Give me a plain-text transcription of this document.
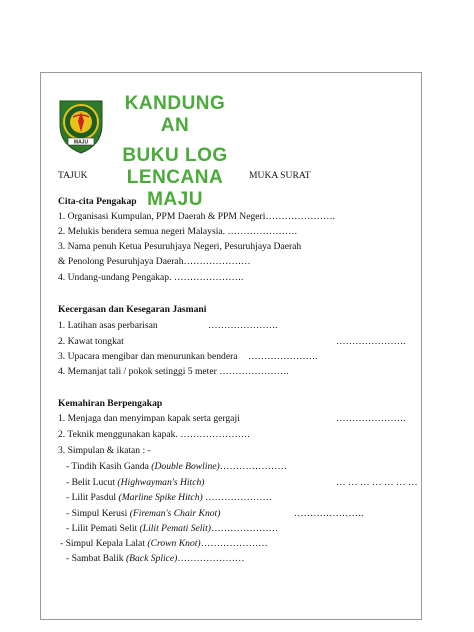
MAJU
KANDUNG
AN
BUKU LOG
LENCANA
MAJU
TAJUK	MUKA SURAT
Cita-cita Pengakap
1. Organisasi Kumpulan, PPM Daerah & PPM Negeri………………….
2. Melukis bendera semua negeri Malaysia. ………………….
3. Nama penuh Ketua Pesuruhjaya Negeri, Pesuruhjaya Daerah
& Penolong Pesuruhjaya Daerah…………………
4. Undang-undang Pengakap. ………………….
Kecergasan dan Kesegaran Jasmani
1. Latihan asas perbarisan	………………….
2. Kawat tongkat	………………….
3. Upacara mengibar dan menurunkan bendera ………………….
4. Memanjat tali / pokok setinggi 5 meter ………………….
Kemahiran Berpengakap
1. Menjaga dan menyimpan kapak serta gergaji	………………….
2. Teknik menggunakan kapak. ………………….
3. Simpulan & ikatan : -
- Tindih Kasih Ganda (Double Bowline)…………………
- Belit Lucut (Highwayman's Hitch)	… … … … … … …
- Lilit Pasdul (Marline Spike Hitch) …………………
- Simpul Kerusi (Fireman's Chair Knot)	………………….
- Lilit Pemati Selit (Lilit Pemati Selit)…………………
- Simpul Kepala Lalat (Crown Knot)…………………
- Sambat Balik (Back Splice)…………………
